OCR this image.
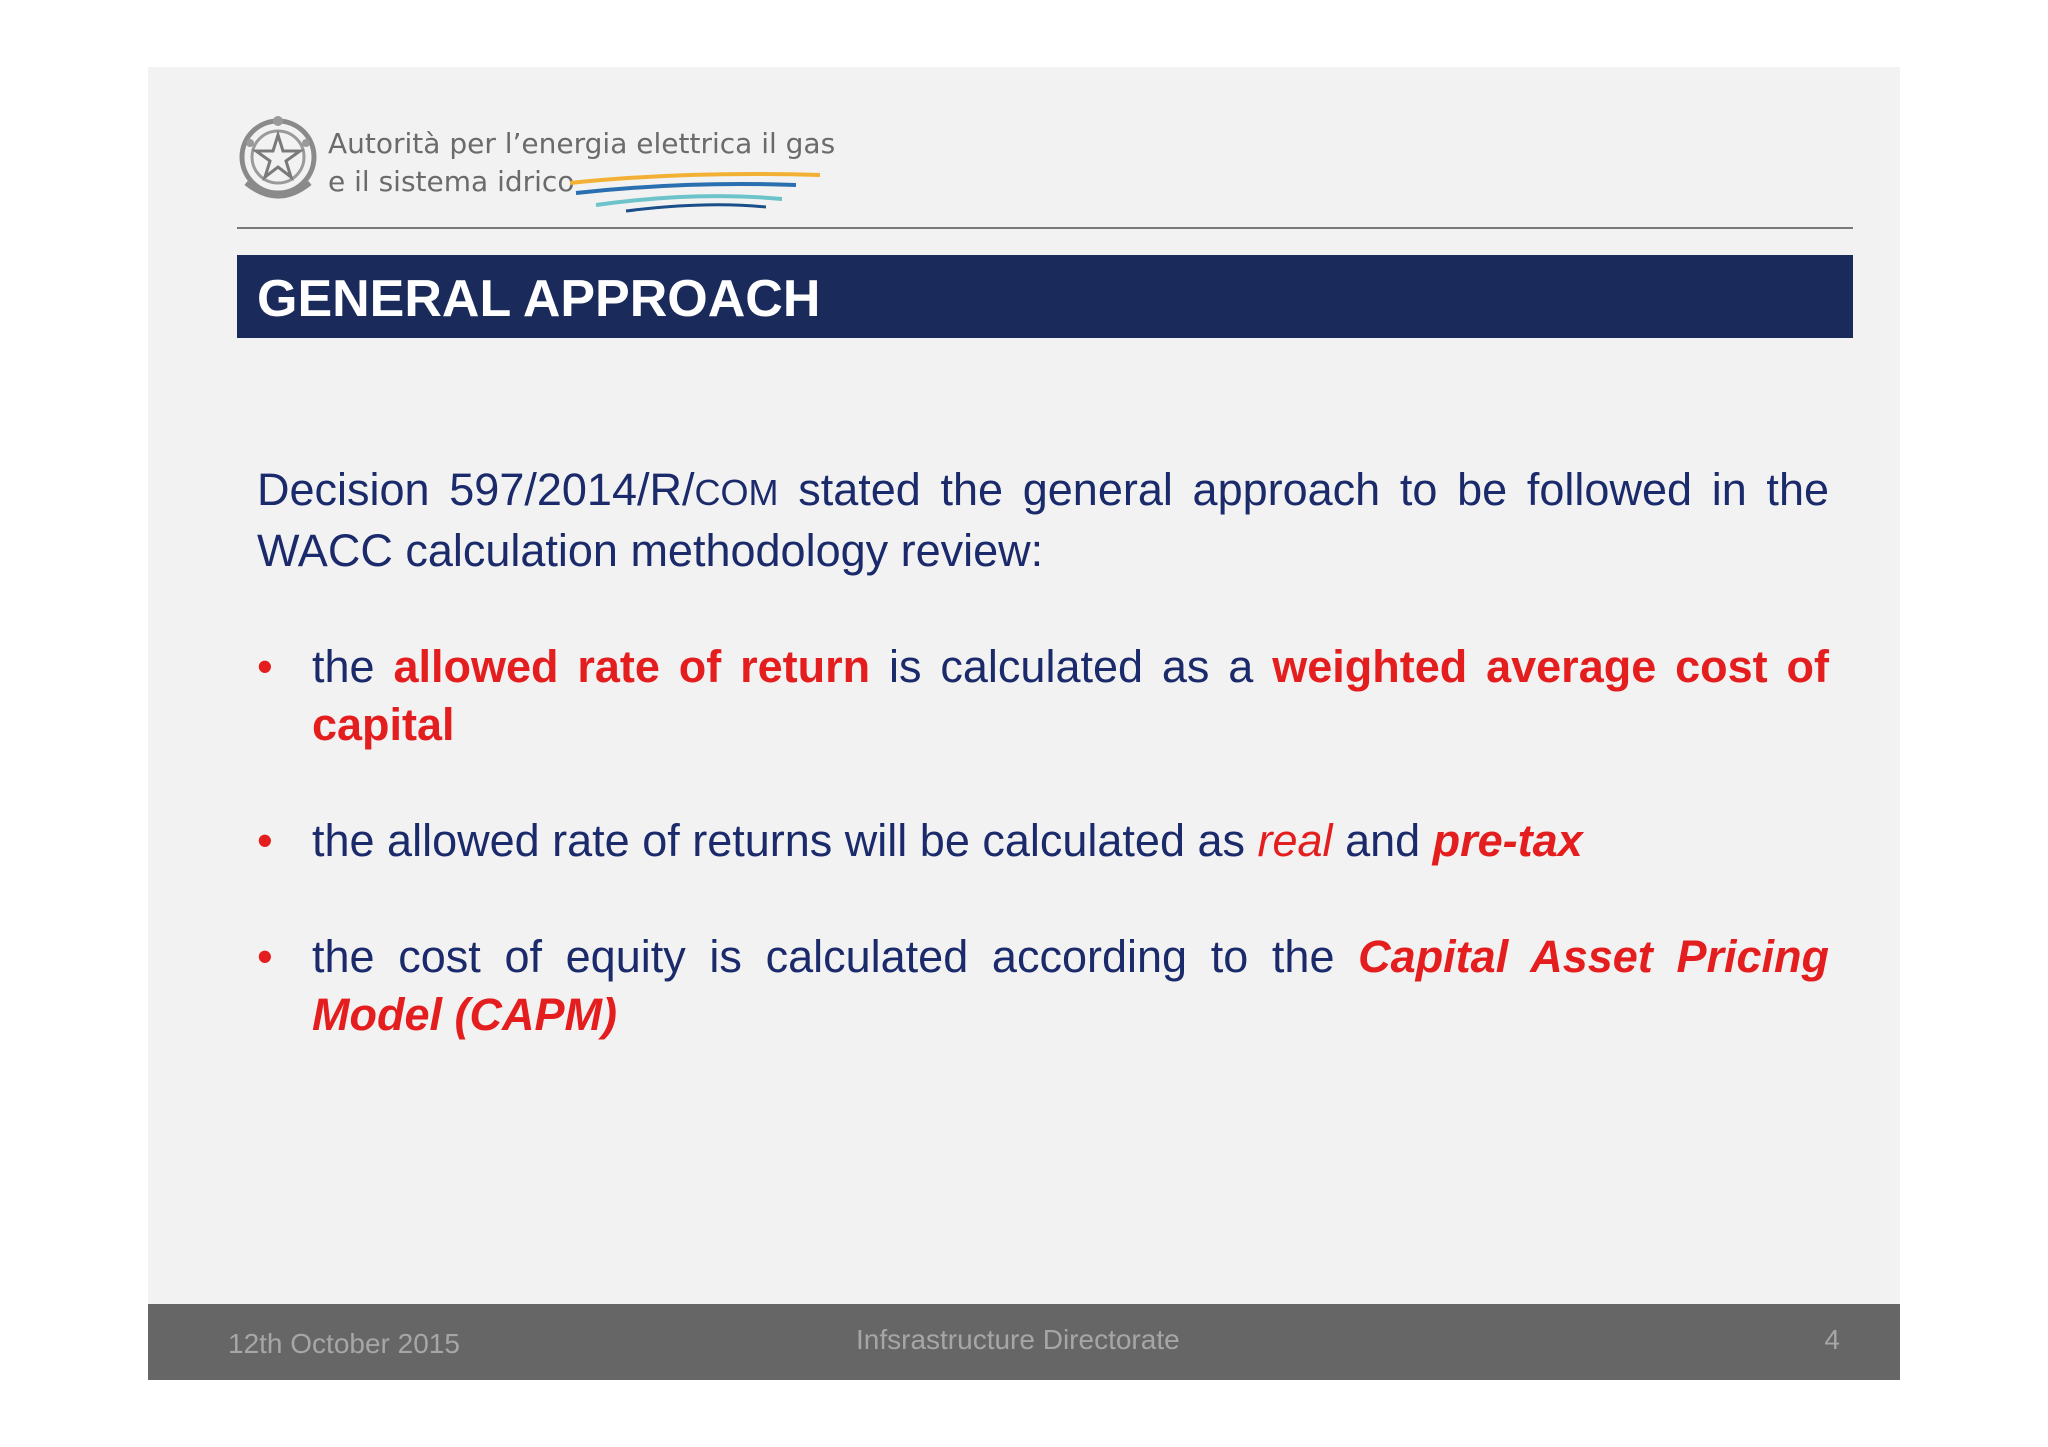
Autorità per l’energia elettrica il gas
e il sistema idrico
GENERAL APPROACH
Decision 597/2014/R/COM stated the general approach to be followed in the WACC calculation methodology review:
• the allowed rate of return is calculated as a weighted average cost of capital
• the allowed rate of returns will be calculated as real and pre-tax
• the cost of equity is calculated according to the Capital Asset Pricing Model (CAPM)
12th October 2015	Infsrastructure Directorate	4
